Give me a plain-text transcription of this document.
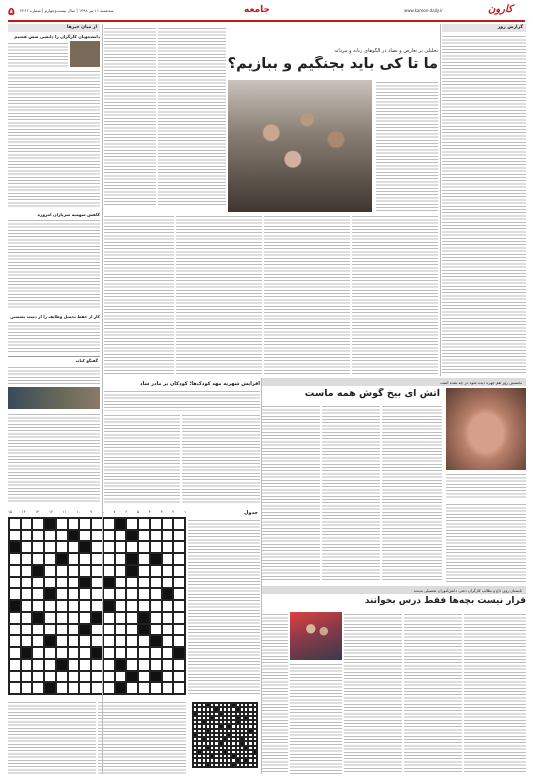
۵ سه‌شنبه ۱۱ تیر ۱۳۹۸ | سال بیست‌وچهارم | شماره ۴۲۶۶	جامعه	www.karoon.daily.ir	کارون
از میان خبرها
دانشجویان کارگران را دانشی شش هجتیم
کاهش سهمیه سربازان امروزه
کار از حفظ تحمیل وظایف را از دست نشستن
گفتگو کتاب
تحلیلی بر تعارض و تضاد در الگوهای زنانه و مردانه
ما تا کی باید بجنگیم و ببازیم؟
گزارش روز
نخستین روز هم چهره دیده شود در چه شده است
آتش ای بیخ گوش همه ماست
افزایش شهریه مهد کودک‌ها؛ کودکان بر مادر شاد
۱
۲
۳
۴
۵
۶
۷
۸
۹
۱۰
۱۱
۱۲
۱۳
۱۴
۱۵	جدول
تابستان روی داغ و بطالب کارگران دختر، دانش‌آموزان تحصیلی ندیدند
قرار نیست بچه‌ها فقط درس بخوانند
